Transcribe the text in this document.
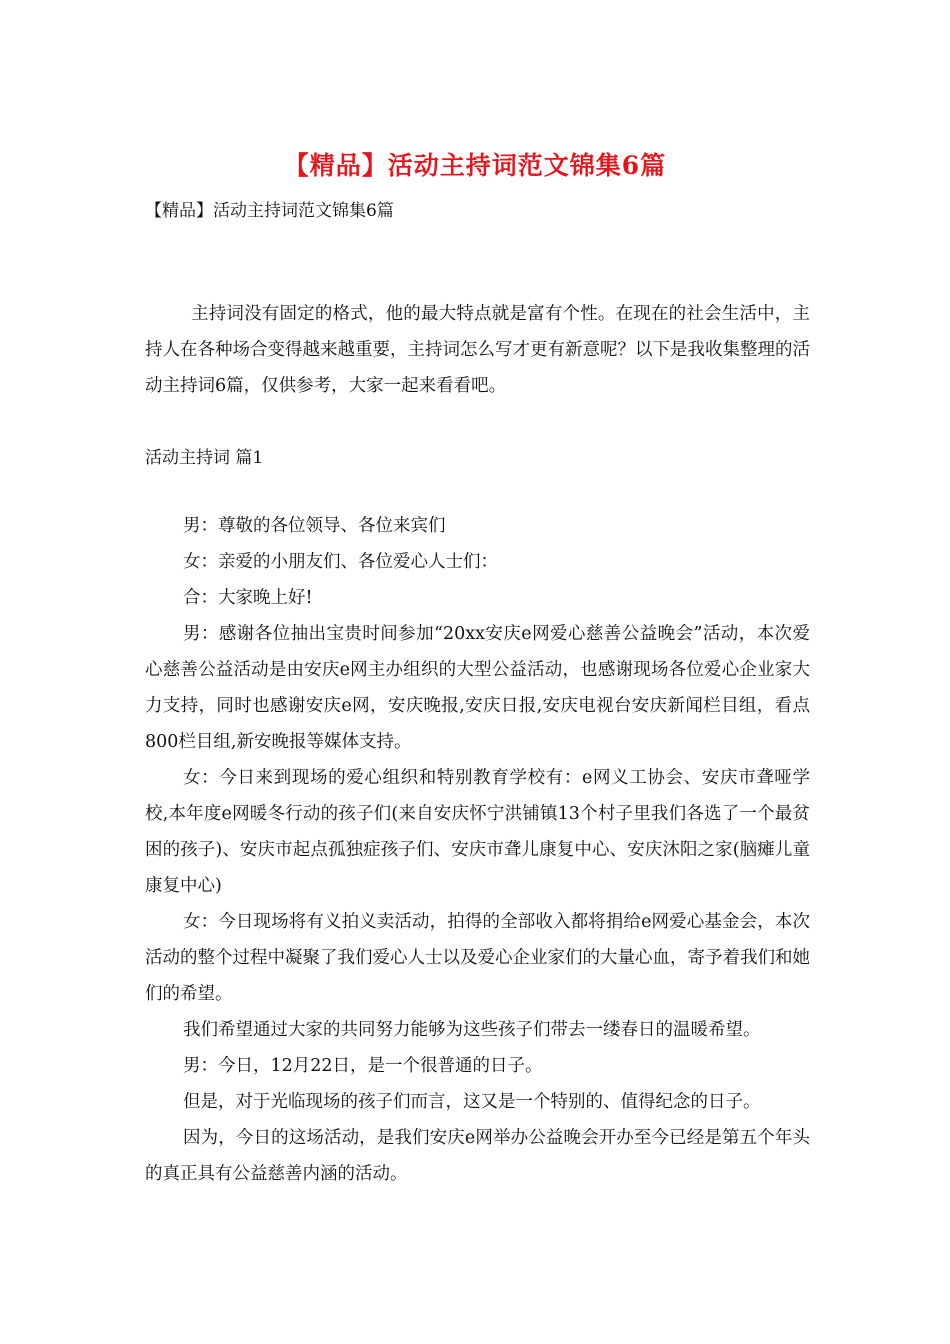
【精品】活动主持词范文锦集6篇
【精品】活动主持词范文锦集6篇

主持词没有固定的格式，他的最大特点就是富有个性。在现在的社会生活中，主持人在各种场合变得越来越重要，主持词怎么写才更有新意呢？以下是我收集整理的活动主持词6篇，仅供参考，大家一起来看看吧。

活动主持词 篇1

男：尊敬的各位领导、各位来宾们

女：亲爱的小朋友们、各位爱心人士们：

合：大家晚上好!

男：感谢各位抽出宝贵时间参加“20xx安庆e网爱心慈善公益晚会”活动，本次爱心慈善公益活动是由安庆e网主办组织的大型公益活动，也感谢现场各位爱心企业家大力支持，同时也感谢安庆e网，安庆晚报,安庆日报,安庆电视台安庆新闻栏目组，看点800栏目组,新安晚报等媒体支持。

女：今日来到现场的爱心组织和特别教育学校有：e网义工协会、安庆市聋哑学校,本年度e网暖冬行动的孩子们(来自安庆怀宁洪铺镇13个村子里我们各选了一个最贫困的孩子)、安庆市起点孤独症孩子们、安庆市聋儿康复中心、安庆沐阳之家(脑瘫儿童康复中心)

女：今日现场将有义拍义卖活动，拍得的全部收入都将捐给e网爱心基金会，本次活动的整个过程中凝聚了我们爱心人士以及爱心企业家们的大量心血，寄予着我们和她们的希望。

我们希望通过大家的共同努力能够为这些孩子们带去一缕春日的温暖希望。

男：今日，12月22日，是一个很普通的日子。

但是，对于光临现场的孩子们而言，这又是一个特别的、值得纪念的日子。

因为，今日的这场活动，是我们安庆e网举办公益晚会开办至今已经是第五个年头的真正具有公益慈善内涵的活动。
